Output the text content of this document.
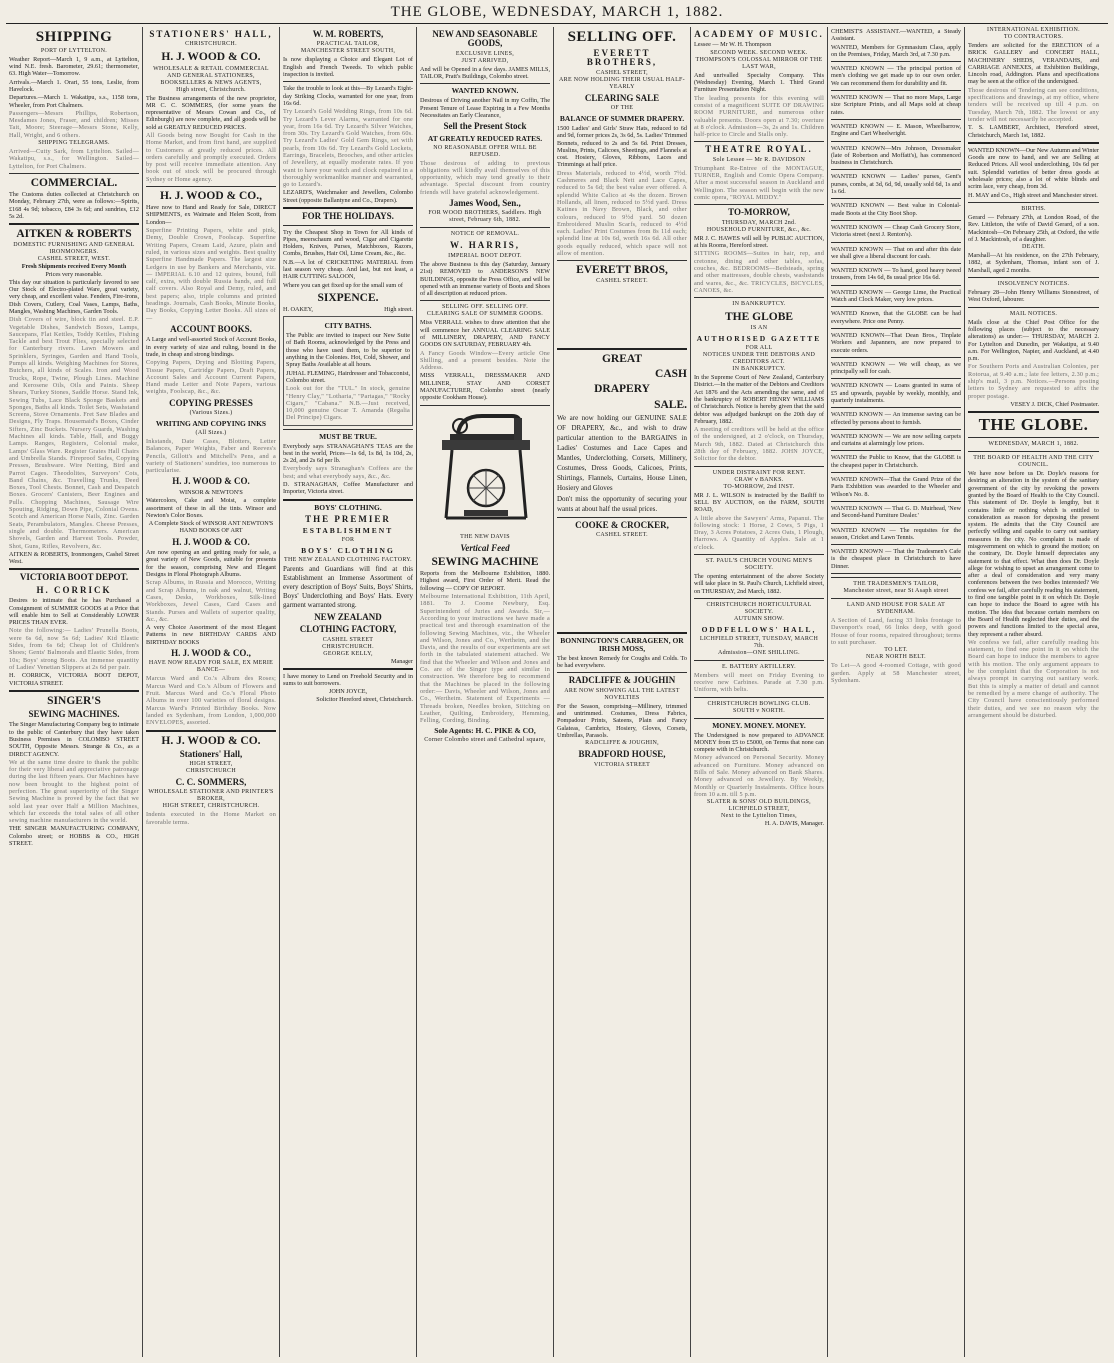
THE GLOBE, WEDNESDAY, MARCH 1, 1882.
SHIPPING
PORT OF LYTTELTON.
Weather Report—March 1, 9 a.m., at Lyttelton, wind N.E. fresh. Barometer, 29.61; thermometer, 63. High Water—Tomorrow.
Arrivals.—March 1. Orari, 55 tons, Leslie, from Havelock.
Departures.—March 1. Wakatipu, s.s., 1158 tons, Wheeler, from Port Chalmers.
Passengers—Messrs Phillips, Robertson, Mesdames Jones, Fraser, and children; Misses Tait, Moore; Steerage—Messrs Stone, Kelly, Hall, Wright, and 6 others.
SHIPPING TELEGRAMS.
Arrived—Cutty Sark, from Lyttelton. Sailed—Wakatipu, s.s., for Wellington. Sailed—Lyttelton, for Port Chalmers.
COMMERCIAL.
The Customs duties collected at Christchurch on Monday, February 27th, were as follows:—Spirits, £168 4s 9d; tobacco, £84 3s 6d; and sundries, £12 5s 2d.
AITKEN & ROBERTS
DOMESTIC FURNISHING AND GENERAL IRONMONGERS.
CASHEL STREET, WEST.
Fresh Shipments received Every Month
Prices very reasonable.
This day our situation is particularly favored to see Our Stock of Electro-plated Ware, great variety, very cheap, and excellent value. Fenders, Fire-irons, Dish Covers, Cutlery, Coal Vases, Lamps, Baths, Mangles, Washing Machines, Garden Tools.
Dish Covers of wire, block tin and steel. E.P. Vegetable Dishes, Sandwich Boxes, Lamps, Saucepans, Flat Kettles, Toddy Kettles, Fishing Tackle and best Trout Flies, specially selected for Canterbury rivers. Lawn Mowers and Sprinklers, Syringes, Garden and Hand Tools, Pumps all kinds. Weighing Machines for Stores, Butchers, all kinds of Scales. Iron and Wood Trucks, Rope, Twine, Plough Lines. Machine and Kerosene Oils, Oils and Paints. Sheep Shears, Turkey Stones, Saddle Horse. Stand Ink, Sewing Tubs, Lace Black Sponge Baskets and Sponges, Baths all kinds. Toilet Sets, Washstand Screens, Stove Ornaments. Fret Saw Blades and Designs, Fly Traps. Housemaid's Boxes, Cinder Sifters, Zinc Buckets. Nursery Guards, Washing Machines all kinds. Table, Hall, and Buggy Lamps. Ranges, Registers, Colonial make, Lamps' Glass Ware. Register Grates Hall Chairs and Umbrella Stands. Fireproof Safes, Copying Presses, Brushware. Wire Netting, Bird and Parrot Cages. Theodolites, Surveyors' Cots, Band Chains, &c. Travelling Trunks, Deed Boxes, Tool Chests. Bonnet, Cash and Despatch Boxes. Grocers' Canisters, Beer Engines and Pulls. Chopping Machines, Sausage Wire Spouting, Ridging, Down Pipe, Colonial Ovens. Scotch and American Horse Nails, Zinc. Garden Seats, Perambulators, Mangles. Cheese Presses, single and double. Thermometers. American Shovels, Garden and Harvest Tools. Powder, Shot, Guns, Rifles, Revolvers, &c.
AITKEN & ROBERTS, Ironmongers, Cashel Street West.
VICTORIA BOOT DEPOT.
H. CORRICK
Desires to intimate that he has Purchased a Consignment of SUMMER GOODS at a Price that will enable him to Sell at Considerably LOWER PRICES THAN EVER.
Note the following:— Ladies' Prunella Boots, were 6s 6d, now 5s 6d; Ladies' Kid Elastic Sides, from 6s 6d; Cheap lot of Children's Shoes; Gents' Balmorals and Elastic Sides, from 10s; Boys' strong Boots. An immense quantity of Ladies' Venetian Slippers at 2s 6d per pair.
H. CORRICK, VICTORIA BOOT DEPOT, VICTORIA STREET.
SINGER'S
SEWING MACHINES.
The Singer Manufacturing Company beg to intimate to the public of Canterbury that they have taken Business Premises in COLOMBO STREET SOUTH, Opposite Messrs. Strange & Co., as a DIRECT AGENCY.
We at the same time desire to thank the public for their very liberal and appreciative patronage during the last fifteen years. Our Machines have now been brought to the highest point of perfection. The great superiority of the Singer Sewing Machine is proved by the fact that we sold last year over Half a Million Machines, which far exceeds the total sales of all other sewing machine manufacturers in the world.
THE SINGER MANUFACTURING COMPANY, Colombo street; or HOBBS & CO., HIGH STREET.
STATIONERS' HALL,
CHRISTCHURCH.
H. J. WOOD & CO.
WHOLESALE & RETAIL COMMERCIAL AND GENERAL STATIONERS,
BOOKSELLERS & NEWS AGENTS,
High street, Christchurch.
The Business arrangements of the new proprietor, MR C. C. SOMMERS, (for some years the representative of Messrs Cowan and Co., of Edinburgh) are now complete, and all goods will be sold at GREATLY REDUCED PRICES.
All Goods being now Bought for Cash in the Home Market, and from first hand, are supplied to Customers at greatly reduced prices. All orders carefully and promptly executed. Orders by post will receive immediate attention. Any book out of stock will be procured through Sydney or Home agency.
H. J. WOOD & CO.,
Have now to Hand and Ready for Sale, DIRECT SHIPMENTS, ex Waimate and Helen Scott, from London—
Superfine Printing Papers, white and pink, Demy, Double Crown, Foolscap. Superfine Writing Papers, Cream Laid, Azure, plain and ruled, in various sizes and weights. Best quality Superfine Handmade Papers. The largest size Ledgers in use by Bankers and Merchants, viz.— IMPERIAL 6.10 and 12 quires, bound, full calf, extra, with double Russia bands, and full calf covers. Also Royal and Demy, ruled, and best papers; also, triple columns and printed headings. Journals, Cash Books, Minute Books, Day Books, Copying Letter Books. All sizes of—
ACCOUNT BOOKS.
A Large and well-assorted Stock of Account Books, in every variety of size and ruling, bound in the trade, in cheap and strong bindings.
Copying Papers, Drying and Blotting Papers, Tissue Papers, Cartridge Papers, Draft Papers, Account Sales and Account Current Papers, Hand made Letter and Note Papers, various weights, Foolscap, &c., &c.
COPYING PRESSES
(Various Sizes.)
WRITING AND COPYING INKS
(All Sizes.)
Inkstands, Date Cases, Blotters, Letter Balances, Paper Weights, Faber and Reeves's Pencils, Gillott's and Mitchell's Pens, and a variety of Stationers' sundries, too numerous to particularise.
H. J. WOOD & CO.
WINSOR & NEWTON'S
Watercolors, Cake and Moist, a complete assortment of these in all the tints. Winsor and Newton's Color Boxes.
A Complete Stock of WINSOR ANT NEWTON'S HAND BOOKS OF ART
H. J. WOOD & CO.
Are now opening an and getting ready for sale, a great variety of New Goods, suitable for presents for the season, comprising New and Elegant Designs in Floral Photograph Albums.
Scrap Albums, in Russia and Morocco, Writing and Scrap Albums, in oak and walnut, Writing Cases, Desks, Workboxes, Silk-lined Workboxes, Jewel Cases, Card Cases and Stands. Purses and Wallets of superior quality, &c., &c.
A very Choice Assortment of the most Elegant Patterns in new BIRTHDAY CARDS AND BIRTHDAY BOOKS
H. J. WOOD & CO.,
HAVE NOW READY FOR SALE, EX MERIE BANCE—
Marcus Ward and Co.'s Album des Roses; Marcus Ward and Co.'s Album of Flowers and Fruit. Marcus Ward and Co.'s Floral Photo Albums in over 100 varieties of floral designs. Marcus Ward's Printed Birthday Books. Now landed ex Sydenham, from London, 1,000,000 ENVELOPES, assorted.
H. J. WOOD & CO.
Stationers' Hall,
HIGH STREET,
CHRISTCHURCH
C. C. SOMMERS,
WHOLESALE STATIONER AND PRINTER'S BROKER,
HIGH STREET, CHRISTCHURCH.
Indents executed in the Home Market on favorable terms.
W. M. ROBERTS,
PRACTICAL TAILOR,
MANCHESTER STREET SOUTH,
Is now displaying a Choice and Elegant Lot of English and French Tweeds. To which public inspection is invited.
Take the trouble to look at this—By Lezard's Eight-day Striking Clocks, warranted for one year, from 16s 6d.
Try Lezard's Gold Wedding Rings, from 10s 6d. Try Lezard's Lever Alarms, warranted for one year, from 16s 6d. Try Lezard's Silver Watches, from 30s. Try Lezard's Gold Watches, from 60s. Try Lezard's Ladies' Gold Gem Rings, set with pearls, from 10s 6d. Try Lezard's Gold Lockets, Earrings, Bracelets, Brooches, and other articles of Jewellery, at equally moderate rates. If you want to have your watch and clock repaired in a thoroughly workmanlike manner and warranted, go to Lezard's.
LEZARD'S, Watchmaker and Jewellers, Colombo Street (opposite Ballantyne and Co., Drapers).
FOR THE HOLIDAYS.
Try the Cheapest Shop in Town for All kinds of Pipes, meerschaum and wood, Cigar and Cigarette Holders, Knives, Purses, Matchboxes, Razors, Combs, Brushes, Hair Oil, Lime Cream, &c., &c.
N.B.—A lot of CRICKETING MATERIAL from last season very cheap. And last, but not least, a HAIR CUTTING SALOON,
Where you can get fixed up for the small sum of
SIXPENCE.
H. OAKEY,	High street.
CITY BATHS.
The Public are invited to inspect our New Suite of Bath Rooms, acknowledged by the Press and those who have used them, to be superior to anything in the Colonies. Hot, Cold, Shower, and Spray Baths Available at all hours.
JUHAL FLEMING, Hairdresser and Tobacconist, Colombo street.
Look out for the "TUL." In stock, genuine "Henry Clay," "Lotharia," "Partagas," "Rocky Cigars," "Cabana." N.B.—Just received, 10,000 genuine Oscar T. Amanda (Regalia Del Principe) Cigars.
MUST BE TRUE.
Everybody says STRANAGHAN'S TEAS are the best in the world, Prices—1s 6d, 1s 8d, 1s 10d, 2s, 2s 2d, and 2s 6d per lb.
Everybody says Stranaghan's Coffees are the best; and what everybody says, &c., &c.
D. STRANAGHAN, Coffee Manufacturer and Importer, Victoria street.
BOYS' CLOTHING.
THE PREMIER
ESTABLISHMENT
FOR
BOYS' CLOTHING
THE NEW ZEALAND CLOTHING FACTORY.
Parents and Guardians will find at this Establishment an Immense Assortment of every description of Boys' Suits, Boys' Shirts, Boys' Underclothing and Boys' Hats. Every garment warranted strong.
NEW ZEALAND
CLOTHING FACTORY,
CASHEL STREET
CHRISTCHURCH.
GEORGE KELLY,
Manager
I have money to Lend on Freehold Security and in sums to suit borrowers.
JOHN JOYCE,
Solicitor Hereford street, Christchurch.
NEW AND SEASONABLE GOODS,
EXCLUSIVE LINES,
JUST ARRIVED,
And will be Opened in a few days. JAMES MILLS, TAILOR, Pratt's Buildings, Colombo street.
WANTED KNOWN.
Desirous of Driving another Nail in my Coffin, The Present Tenure of Lease Expiring in a Few Months Necessitates an Early Clearance,
Sell the Present Stock
AT GREATLY REDUCED RATES.
NO REASONABLE OFFER WILL BE REFUSED.
Those desirous of adding to previous obligations will kindly avail themselves of this opportunity, which may tend greatly to their advantage. Special discount from country friends will have grateful acknowledgement.
James Wood, Sen.,
FOR WOOD BROTHERS, Saddlers. High street, February 6th, 1882.
NOTICE OF REMOVAL.
W. HARRIS,
IMPERIAL BOOT DEPOT.
The above Business is this day (Saturday, January 21st) REMOVED to ANDERSON'S NEW BUILDINGS, opposite the Press Office, and will be opened with an immense variety of Boots and Shoes of all description at reduced prices.
SELLING OFF. SELLING OFF.
CLEARING SALE OF SUMMER GOODS.
Miss VERRALL wishes to draw attention that she will commence her ANNUAL CLEARING SALE of MILLINERY, DRAPERY, AND FANCY GOODS ON SATURDAY, FEBRUARY 4th.
A Fancy Goods Window—Every article One Shilling, and a present besides. Note the Address.
MISS VERRALL, DRESSMAKER AND MILLINER, STAY AND CORSET MANUFACTURER, Colombo street (nearly opposite Cookham House).
THE NEW DAVIS
Vertical Feed
SEWING MACHINE
Reports from the Melbourne Exhibition, 1880. Highest award, First Order of Merit. Read the following — COPY OF REPORT.
Melbourne International Exhibition, 11th April, 1881. To J. Coome Newbury, Esq. Superintendent of Juries and Awards. Sir,—According to your instructions we have made a practical test and thorough examination of the following Sewing Machines, viz., the Wheeler and Wilson, Jones and Co., Wertheim, and the Davis, and the results of our experiments are set forth in the tabulated statement attached. We find that the Wheeler and Wilson and Jones and Co. are of the Singer type and similar in construction. We therefore beg to recommend that the Machines be placed in the following order:— Davis, Wheeler and Wilson, Jones and Co., Wertheim. Statement of Experiments — Threads broken, Needles broken, Stitching on Leather, Quilting, Embroidery, Hemming, Felling, Cording, Binding.
Sole Agents: H. C. PIKE & CO,
Corner Colombo street and Cathedral square,
SELLING OFF.
EVERETT BROTHERS,
CASHEL STREET,
ARE NOW HOLDING THEIR USUAL HALF-YEARLY
CLEARING SALE
OF THE
BALANCE OF SUMMER DRAPERY.
1500 Ladies' and Girls' Straw Hats, reduced to 6d and 9d, former prices 2s, 3s 6d, 5s. Ladies' Trimmed Bonnets, reduced to 2s and 5s 6d. Print Dresses, Muslins, Prints, Calicoes, Sheetings, and Flannels at cost. Hosiery, Gloves, Ribbons, Laces and Trimmings at half price.
Dress Materials, reduced to 4½d, worth 7½d. Cashmeres and Black Nett and Lace Capes, reduced to 5s 6d; the best value ever offered. A splendid White Calico at 4s the dozen. Brown Hollands, all linen, reduced to 5½d yard. Dress Katines in Navy Brown, Black, and other colours, reduced to 9½d yard. 50 dozen Embroidered Muslin Scarfs, reduced to 4½d each. Ladies' Print Costumes from 8s 11d each; splendid line at 10s 6d, worth 16s 6d. All other goods equally reduced, which space will not allow of mention.
EVERETT BROS,
CASHEL STREET.
GREAT
CASH
DRAPERY
SALE.
We are now holding our GENUINE SALE OF DRAPERY, &c., and wish to draw particular attention to the BARGAINS in Ladies' Costumes and Lace Capes and Mantles, Underclothing, Corsets, Millinery, Costumes, Dress Goods, Calicoes, Prints, Shirtings, Flannels, Curtains, House Linen, Hosiery and Gloves
Don't miss the opportunity of securing your wants at about half the usual prices.
COOKE & CROCKER,
CASHEL STREET.
BONNINGTON'S CARRAGEEN, OR IRISH MOSS,
The best known Remedy for Coughs and Colds. To be had everywhere.
RADCLIFFE & JOUGHIN
ARE NOW SHOWING ALL THE LATEST NOVELTIES
For the Season, comprising—Millinery, trimmed and untrimmed. Costumes, Dress Fabrics, Pompadour Prints, Sateens, Plain and Fancy Galateas, Cambrics, Hosiery, Gloves, Corsets, Umbrellas, Parasols.
RADCLIFFE & JOUGHIN,
BRADFORD HOUSE,
VICTORIA STREET
ACADEMY OF MUSIC.
Lessee — Mr W. H. Thompson
SECOND WEEK. SECOND WEEK.
THOMPSON'S COLOSSAL MIRROR OF THE LAST WAR,
And unrivalled Specialty Company. This (Wednesday) Evening, March 1. Third Grand Furniture Presentation Night.
The leading presents for this evening will consist of a magnificent SUITE OF DRAWING ROOM FURNITURE, and numerous other valuable presents. Doors open at 7.30; overture at 8 o'clock. Admission—3s, 2s and 1s. Children half-price to Circle and Stalls only.
THEATRE ROYAL.
Sole Lessee — Mr R. DAVIDSON
Triumphant Re-Entree of the MONTAGUE, TURNER, English and Comic Opera Company. After a most successful season in Auckland and Wellington. The season will begin with the new comic opera, "ROYAL MIDDY."
TO-MORROW,
THURSDAY, MARCH 2nd.
HOUSEHOLD FURNITURE, &c., &c.
MR J. C. HAWES will sell by PUBLIC AUCTION, at his Rooms, Hereford street.
SITTING ROOMS—Suites in hair, rep, and cretonne, dining and other tables, sofas, couches, &c. BEDROOMS—Bedsteads, spring and other mattresses, double chests, washstands and wares, &c., &c. TRICYCLES, BICYCLES, CANOES, &c.
IN BANKRUPTCY.
THE GLOBE
IS AN
AUTHORISED GAZETTE
FOR ALL
NOTICES UNDER THE DEBTORS AND CREDITORS ACT.
IN BANKRUPTCY.
In the Supreme Court of New Zealand, Canterbury District.—In the matter of the Debtors and Creditors Act 1876 and the Acts amending the same, and of the bankruptcy of ROBERT HENRY WILLIAMS of Christchurch. Notice is hereby given that the said debtor was adjudged bankrupt on the 20th day of February, 1882.
A meeting of creditors will be held at the office of the undersigned, at 2 o'clock, on Thursday, March 9th, 1882. Dated at Christchurch this 28th day of February, 1882. JOHN JOYCE, Solicitor for the debtor.
UNDER DISTRAINT FOR RENT.
CRAW v BANKS.
TO-MORROW, 2nd INST.
MR J. L. WILSON is instructed by the Bailiff to SELL BY AUCTION, on the FARM, SOUTH ROAD,
A little above the Sawyers' Arms, Papanui. The following stock: 1 Horse, 2 Cows, 5 Pigs, 1 Dray, 3 Acres Potatoes, 2 Acres Oats, 1 Plough, Harrows. A Quantity of Apples. Sale at 1 o'clock.
ST. PAUL'S CHURCH YOUNG MEN'S SOCIETY.
The opening entertainment of the above Society will take place in St. Paul's Church, Lichfield street, on THURSDAY, 2nd March, 1882.
CHRISTCHURCH HORTICULTURAL SOCIETY.
AUTUMN SHOW.
ODDFELLOWS' HALL,
LICHFIELD STREET, TUESDAY, MARCH 7th.
Admission—ONE SHILLING.
E. BATTERY ARTILLERY.
Members will meet on Friday Evening to receive new Carbines. Parade at 7.30 p.m. Uniform, with belts.
CHRISTCHURCH BOWLING CLUB.
SOUTH v NORTH.
MONEY. MONEY. MONEY.
The Undersigned is now prepared to ADVANCE MONEY from £5 to £5000, on Terms that none can compete with in Christchurch.
Money advanced on Personal Security. Money advanced on Furniture. Money advanced on Bills of Sale. Money advanced on Bank Shares. Money advanced on Jewellery. By Weekly, Monthly or Quarterly Instalments. Office hours from 10 a.m. till 5 p.m.
SLATER & SONS' OLD BUILDINGS,
LICHFIELD STREET,
Next to the Lyttelton Times,
H. A. DAVIS, Manager.
CHEMIST'S ASSISTANT.—WANTED, a Steady Assistant.
WANTED, Members for Gymnasium Class, apply on the Premises, Friday, March 3rd, at 7.30 p.m.
WANTED KNOWN — The principal portion of men's clothing we get made up to our own order. We can recommend them for durability and fit.
WANTED KNOWN — That no more Maps, Large size Scripture Prints, and all Maps sold at cheap rates.
WANTED KNOWN — E. Mason, Wheelbarrow, Engine and Cart Wheelwright.
WANTED KNOWN—Mrs Johnson, Dressmaker (late of Robertson and Moffatt's), has commenced business in Christchurch.
WANTED KNOWN — Ladies' purses, Gent's purses, combs, at 3d, 6d, 9d, usually sold 6d, 1s and 1s 6d.
WANTED KNOWN — Best value in Colonial-made Boots at the City Boot Shop.
WANTED KNOWN — Cheap Cash Grocery Store, Victoria street (next J. Renton's).
WANTED KNOWN — That on and after this date we shall give a liberal discount for cash.
WANTED KNOWN — To hand, good heavy tweed trousers, from 14s 6d, 8s usual price 16s 6d.
WANTED KNOWN — George Lime, the Practical Watch and Clock Maker, very low prices.
WANTED Known, that the GLOBE can be had everywhere. Price one Penny.
WANTED KNOWN—That Dean Bros., Tinplate Workers and Japanners, are now prepared to execute orders.
WANTED KNOWN — We will cheap, as we principally sell for cash.
WANTED KNOWN — Loans granted in sums of £5 and upwards, payable by weekly, monthly, and quarterly instalments.
WANTED KNOWN — An immense saving can be effected by persons about to furnish.
WANTED KNOWN — We are now selling carpets and curtains at alarmingly low prices.
WANTED the Public to Know, that the GLOBE is the cheapest paper in Christchurch.
WANTED KNOWN—That the Grand Prize of the Paris Exhibition was awarded to the Wheeler and Wilson's No. 8.
WANTED KNOWN — That G. D. Muirhead, 'New and Second-hand Furniture Dealer.'
WANTED KNOWN — The requisites for the season, Cricket and Lawn Tennis.
WANTED KNOWN — That the Tradesmen's Cafe is the cheapest place in Christchurch to have Dinner.
THE TRADESMEN'S TAILOR,
Manchester street, near St Asaph street
LAND AND HOUSE FOR SALE AT SYDENHAM.
A Section of Land, facing 33 links frontage to Davenport's road, 66 links deep, with good House of four rooms, repaired throughout; terms to suit purchaser.
TO LET.
NEAR NORTH BELT.
To Let—A good 4-roomed Cottage, with good garden. Apply at 58 Manchester street, Sydenham.
INTERNATIONAL EXHIBITION.
TO CONTRACTORS.
Tenders are solicited for the ERECTION of a BRICK GALLERY and CONCERT HALL, MACHINERY SHEDS, VERANDAHS, and CARRIAGE ANNEXES, at Exhibition Buildings, Lincoln road, Addington. Plans and specifications may be seen at the office of the undersigned.
Those desirous of Tendering can see conditions, specifications and drawings, at my office, where tenders will be received up till 4 p.m. on Tuesday, March 7th, 1882. The lowest or any tender will not necessarily be accepted.
T. S. LAMBERT, Architect, Hereford street, Christchurch, March 1st, 1882.
WANTED KNOWN—Our New Autumn and Winter Goods are now to hand, and we are Selling at Reduced Prices. All wool underclothing, 10s 6d per suit. Splendid varieties of better dress goods at wholesale prices; also a lot of white blinds and scrim lace, very cheap, from 3d.
H. MAY and Co., High street and Manchester street.
BIRTHS.
Gerard — February 27th, at London Road, of the Rev. Littleton, the wife of David Gerard, of a son. Mackintosh—On February 25th, at Oxford, the wife of J. Mackintosh, of a daughter.
DEATH.
Marshall—At his residence, on the 27th February, 1882, at Sydenham, Thomas, infant son of J. Marshall, aged 2 months.
INSOLVENCY NOTICES.
February 28—John Henry Williams Stonestreet, of West Oxford, labourer.
MAIL NOTICES.
Mails close at the Chief Post Office for the following places (subject to the necessary alterations) as under:— THURSDAY, MARCH 2. For Lyttelton and Dunedin, per Wakatipu, at 9.40 a.m. For Wellington, Napier, and Auckland, at 4.40 p.m.
For Southern Ports and Australian Colonies, per Rotorua, at 9.40 a.m.; late fee letters, 2.30 p.m.; ship's mail, 3 p.m. Notices.—Persons posting letters to Sydney are requested to affix the proper postage.
VESEY J. DICK, Chief Postmaster.
THE GLOBE.
WEDNESDAY, MARCH 1, 1882.
THE BOARD OF HEALTH AND THE CITY COUNCIL.
We have now before us Dr. Doyle's reasons for desiring an alteration in the system of the sanitary government of the city by revoking the powers granted by the Board of Health to the City Council. This statement of Dr. Doyle is lengthy, but it contains little or nothing which is entitled to consideration as reason for deposing the present system. He admits that the City Council are perfectly willing and capable to carry out sanitary measures in the city. No complaint is made of misgovernment on which to ground the motion; on the contrary, Dr. Doyle himself depreciates any statement to that effect. What then does Dr. Doyle allege for wishing to upset an arrangement come to after a deal of consideration and very many conferences between the two bodies interested? We confess we fail, after carefully reading his statement, to find one tangible point in it on which Dr. Doyle can hope to induce the Board to agree with his motion. The idea that because certain members on the Board of Health neglected their duties, and the powers and functions limited to the special area, they represent a rather absurd.
We confess we fail, after carefully reading his statement, to find one point in it on which the Board can hope to induce the members to agree with his motion. The only argument appears to be the complaint that the Corporation is not always prompt in carrying out sanitary work. But this is simply a matter of detail and cannot be remedied by a mere change of authority. The City Council have conscientiously performed their duties, and we see no reason why the arrangement should be disturbed.
